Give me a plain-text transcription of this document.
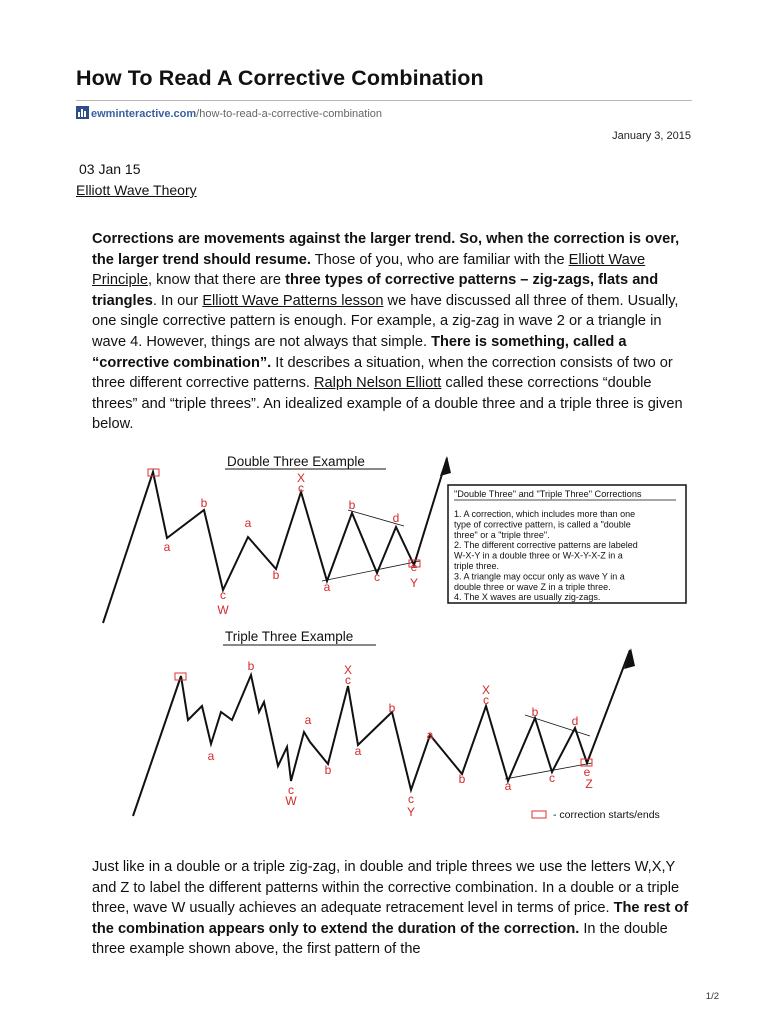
How To Read A Corrective Combination
ewminteractive.com/how-to-read-a-corrective-combination
January 3, 2015
03 Jan 15
Elliott Wave Theory

Corrections are movements against the larger trend. So, when the correction is over, the larger trend should resume. Those of you, who are familiar with the Elliott Wave Principle, know that there are three types of corrective patterns – zig-zags, flats and triangles. In our Elliott Wave Patterns lesson we have discussed all three of them. Usually, one single corrective pattern is enough. For example, a zig-zag in wave 2 or a triangle in wave 4. However, things are not always that simple. There is something, called a “corrective combination”. It describes a situation, when the correction consists of two or three different corrective patterns. Ralph Nelson Elliott called these corrections “double threes” and “triple threes”. An idealized example of a double three and a triple three is given below.

Double Three Example
a
b
c
W
a
b
X
c
a
b
c
d
e
Y
"Double Three" and "Triple Three" Corrections
1. A correction, which includes more than one
type of corrective pattern, is called a "double
three" or a "triple three".
2. The different corrective patterns are labeled
W-X-Y in a double three or W-X-Y-X-Z in a
triple three.
3. A triangle may occur only as wave Y in a
double three or wave Z in a triple three.
4. The X waves are usually zig-zags.
Triple Three Example
b
a
c
W
a
b
X
c
a
b
c
Y
a
b
X
c
a
b
c
d
e
Z
- correction starts/ends

Just like in a double or a triple zig-zag, in double and triple threes we use the letters W,X,Y and Z to label the different patterns within the corrective combination. In a double or a triple three, wave W usually achieves an adequate retracement level in terms of price. The rest of the combination appears only to extend the duration of the correction. In the double three example shown above, the first pattern of the

1/2
